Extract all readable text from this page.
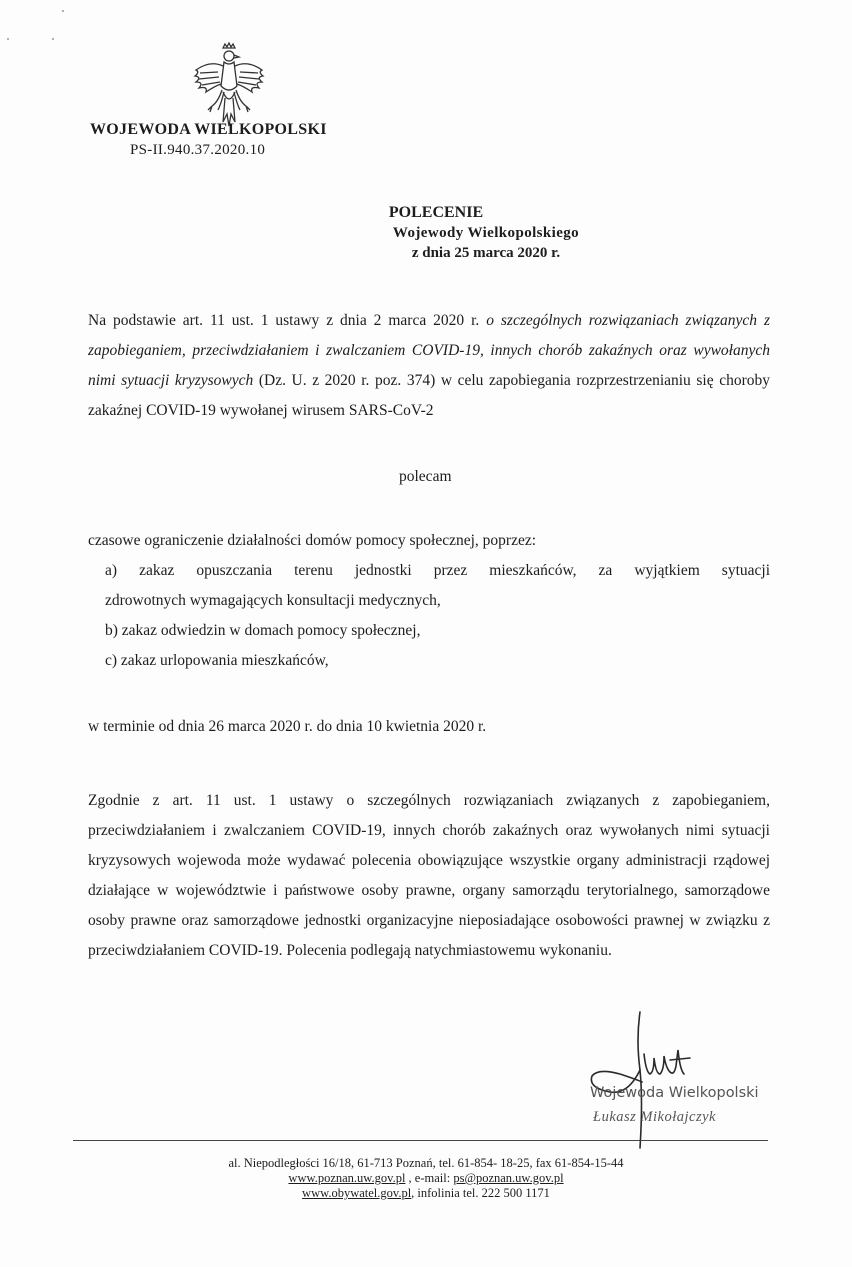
WOJEWODA WIELKOPOLSKI
PS-II.940.37.2020.10
POLECENIE
Wojewody Wielkopolskiego
z dnia 25 marca 2020 r.
Na podstawie art. 11 ust. 1 ustawy z dnia 2 marca 2020 r. o szczególnych rozwiązaniach związanych z zapobieganiem, przeciwdziałaniem i zwalczaniem COVID-19, innych chorób zakaźnych oraz wywołanych nimi sytuacji kryzysowych (Dz. U. z 2020 r. poz. 374) w celu zapobiegania rozprzestrzenianiu się choroby zakaźnej COVID-19 wywołanej wirusem SARS-CoV-2
polecam
czasowe ograniczenie działalności domów pomocy społecznej, poprzez:
a) zakaz opuszczania terenu jednostki przez mieszkańców, za wyjątkiem sytuacji
zdrowotnych wymagających konsultacji medycznych,
b) zakaz odwiedzin w domach pomocy społecznej,
c) zakaz urlopowania mieszkańców,
w terminie od dnia 26 marca 2020 r. do dnia 10 kwietnia 2020 r.
Zgodnie z art. 11 ust. 1 ustawy o szczególnych rozwiązaniach związanych z zapobieganiem, przeciwdziałaniem i zwalczaniem COVID-19, innych chorób zakaźnych oraz wywołanych nimi sytuacji kryzysowych wojewoda może wydawać polecenia obowiązujące wszystkie organy administracji rządowej działające w województwie i państwowe osoby prawne, organy samorządu terytorialnego, samorządowe osoby prawne oraz samorządowe jednostki organizacyjne nieposiadające osobowości prawnej w związku z przeciwdziałaniem COVID-19. Polecenia podlegają natychmiastowemu wykonaniu.
Wojewoda Wielkopolski
Łukasz Mikołajczyk
al. Niepodległości 16/18, 61-713 Poznań, tel. 61-854- 18-25, fax 61-854-15-44
www.poznan.uw.gov.pl , e-mail: ps@poznan.uw.gov.pl
www.obywatel.gov.pl, infolinia tel. 222 500 1171
